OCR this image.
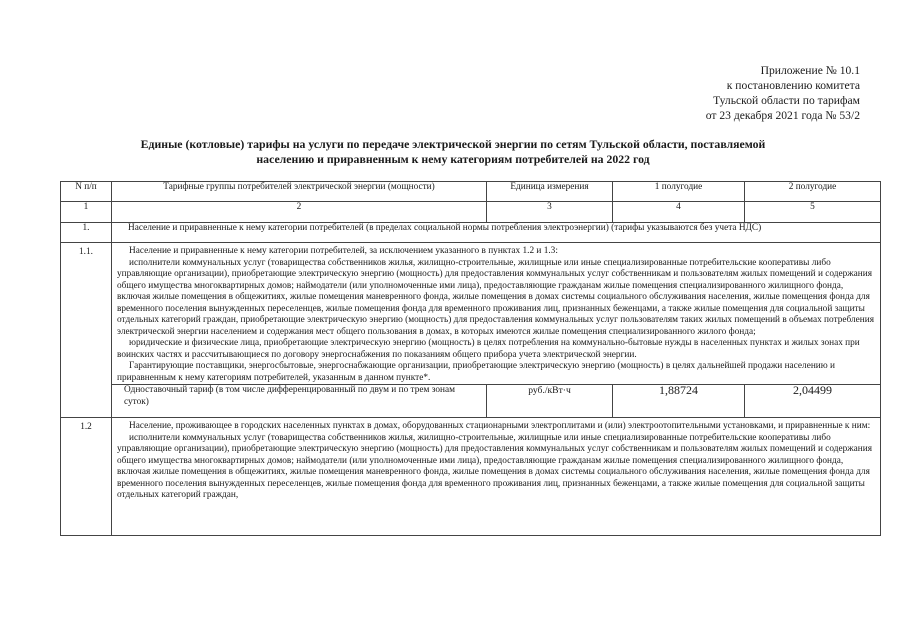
Приложение № 10.1
к постановлению комитета
Тульской области по тарифам
от 23 декабря 2021 года № 53/2
Единые (котловые) тарифы на услуги по передаче электрической энергии по сетям Тульской области, поставляемой
населению и приравненным к нему категориям потребителей на 2022 год
N п/п	Тарифные группы потребителей электрической энергии (мощности)	Единица измерения	1 полугодие	2 полугодие
1	2	3	4	5
1.	Население и приравненные к нему категории потребителей (в пределах социальной нормы потребления электроэнергии) (тарифы указываются без учета НДС)			
1.1.	Население и приравненные к нему категории потребителей, за исключением указанного в пунктах 1.2 и 1.3:

исполнители коммунальных услуг (товарищества собственников жилья, жилищно-строительные, жилищные или иные специализированные потребительские кооперативы либо управляющие организации), приобретающие электрическую энергию (мощность) для предоставления коммунальных услуг собственникам и пользователям жилых помещений и содержания общего имущества многоквартирных домов; наймодатели (или уполномоченные ими лица), предоставляющие гражданам жилые помещения специализированного жилищного фонда, включая жилые помещения в общежитиях, жилые помещения маневренного фонда, жилые помещения в домах системы социального обслуживания населения, жилые помещения фонда для временного поселения вынужденных переселенцев, жилые помещения фонда для временного проживания лиц, признанных беженцами, а также жилые помещения для социальной защиты отдельных категорий граждан, приобретающие электрическую энергию (мощность) для предоставления коммунальных услуг пользователям таких жилых помещений в объемах потребления электрической энергии населением и содержания мест общего пользования в домах, в которых имеются жилые помещения специализированного жилого фонда;

юридические и физические лица, приобретающие электрическую энергию (мощность) в целях потребления на коммунально-бытовые нужды в населенных пунктах и жилых зонах при воинских частях и рассчитывающиеся по договору энергоснабжения по показаниям общего прибора учета электрической энергии.

Гарантирующие поставщики, энергосбытовые, энергоснабжающие организации, приобретающие электрическую энергию (мощность) в целях дальнейшей продажи населению и приравненным к нему категориям потребителей, указанным в данном пункте*.			

	Одноставочный тариф (в том числе дифференцированный по двум и по трем зонам суток)	руб./кВт·ч	1,88724	2,04499
1.2	Население, проживающее в городских населенных пунктах в домах, оборудованных стационарными электроплитами и (или) электроотопительными установками, и приравненные к ним:

исполнители коммунальных услуг (товарищества собственников жилья, жилищно-строительные, жилищные или иные специализированные потребительские кооперативы либо управляющие организации), приобретающие электрическую энергию (мощность) для предоставления коммунальных услуг собственникам и пользователям жилых помещений и содержания общего имущества многоквартирных домов; наймодатели (или уполномоченные ими лица), предоставляющие гражданам жилые помещения специализированного жилищного фонда, включая жилые помещения в общежитиях, жилые помещения маневренного фонда, жилые помещения в домах системы социального обслуживания населения, жилые помещения фонда для временного поселения вынужденных переселенцев, жилые помещения фонда для временного проживания лиц, признанных беженцами, а также жилые помещения для социальной защиты отдельных категорий граждан,			
